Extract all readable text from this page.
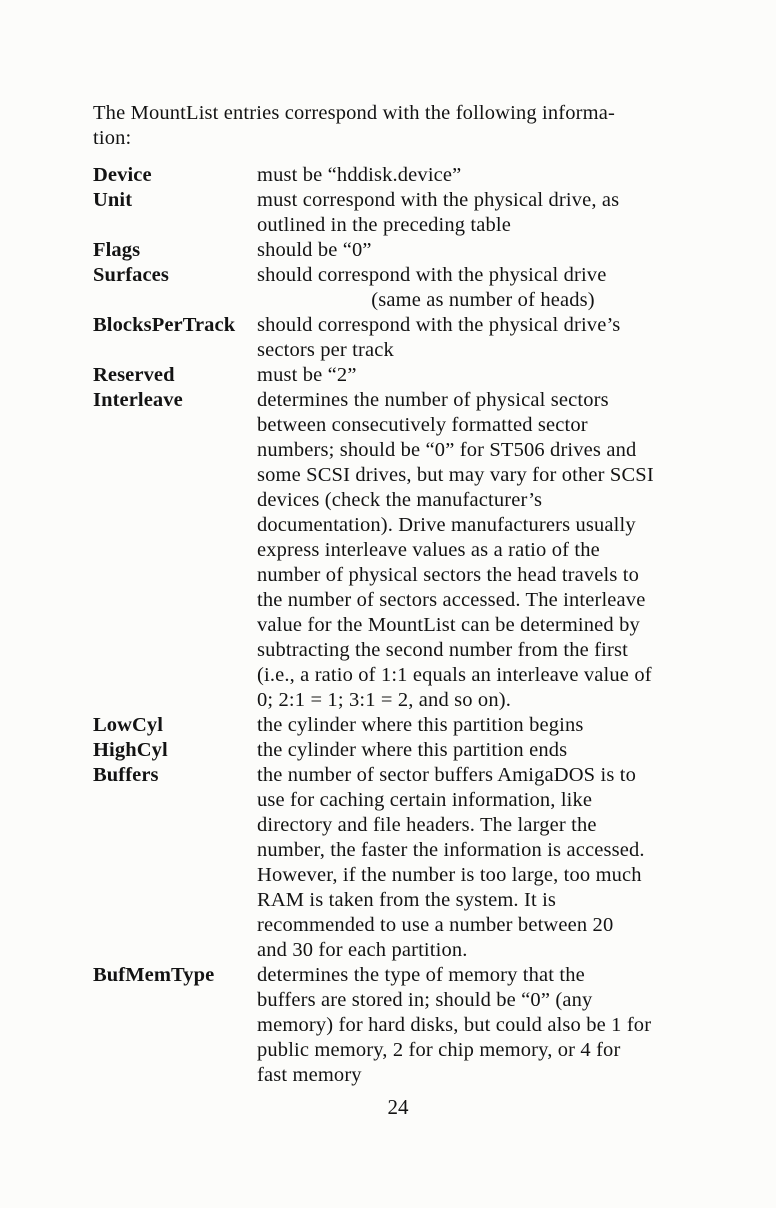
The MountList entries correspond with the following informa-
tion:
Device	must be “hddisk.device”
Unit	must correspond with the physical drive, as
outlined in the preceding table
Flags	should be “0”
Surfaces	should correspond with the physical drive
(same as number of heads)
BlocksPerTrack	should correspond with the physical drive’s
sectors per track
Reserved	must be “2”
Interleave	determines the number of physical sectors
between consecutively formatted sector
numbers; should be “0” for ST506 drives and
some SCSI drives, but may vary for other SCSI
devices (check the manufacturer’s
documentation). Drive manufacturers usually
express interleave values as a ratio of the
number of physical sectors the head travels to
the number of sectors accessed. The interleave
value for the MountList can be determined by
subtracting the second number from the first
(i.e., a ratio of 1:1 equals an interleave value of
0; 2:1 = 1; 3:1 = 2, and so on).
LowCyl	the cylinder where this partition begins
HighCyl	the cylinder where this partition ends
Buffers	the number of sector buffers AmigaDOS is to
use for caching certain information, like
directory and file headers. The larger the
number, the faster the information is accessed.
However, if the number is too large, too much
RAM is taken from the system. It is
recommended to use a number between 20
and 30 for each partition.
BufMemType	determines the type of memory that the
buffers are stored in; should be “0” (any
memory) for hard disks, but could also be 1 for
public memory, 2 for chip memory, or 4 for
fast memory
24
